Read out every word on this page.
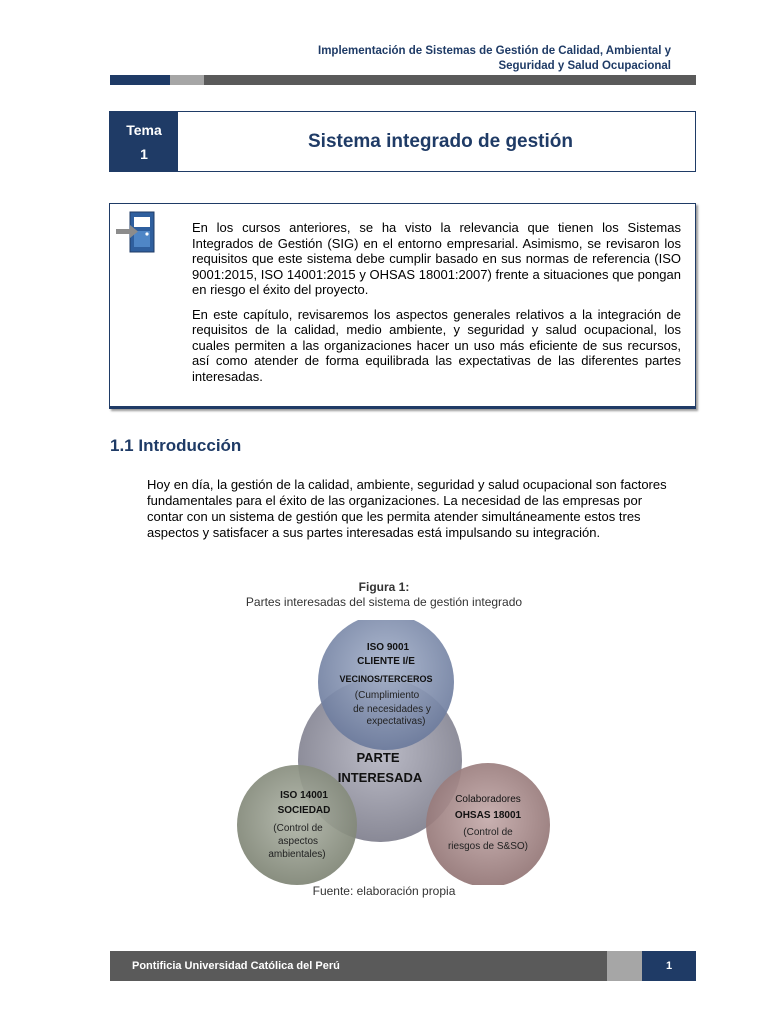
Implementación de Sistemas de Gestión de Calidad, Ambiental y
Seguridad y Salud Ocupacional
Tema
1
Sistema integrado de gestión

En los cursos anteriores, se ha visto la relevancia que tienen los Sistemas Integrados de Gestión (SIG) en el entorno empresarial. Asimismo, se revisaron los requisitos que este sistema debe cumplir basado en sus normas de referencia (ISO 9001:2015, ISO 14001:2015 y OHSAS 18001:2007) frente a situaciones que pongan en riesgo el éxito del proyecto.

En este capítulo, revisaremos los aspectos generales relativos a la integración de requisitos de la calidad, medio ambiente, y seguridad y salud ocupacional, los cuales permiten a las organizaciones hacer un uso más eficiente de sus recursos, así como atender de forma equilibrada las expectativas de las diferentes partes interesadas.

1.1 Introducción
Hoy en día, la gestión de la calidad, ambiente, seguridad y salud ocupacional son factores fundamentales para el éxito de las organizaciones. La necesidad de las empresas por contar con un sistema de gestión que les permita atender simultáneamente estos tres aspectos y satisfacer a sus partes interesadas está impulsando su integración.
Figura 1:
Partes interesadas del sistema de gestión integrado
PARTE
INTERESADA
ISO 9001
CLIENTE I/E
VECINOS/TERCEROS
(Cumplimiento
de necesidades y
expectativas)
ISO 14001
SOCIEDAD
(Control de
aspectos
ambientales)
Colaboradores
OHSAS 18001
(Control de
riesgos de S&SO)
Fuente: elaboración propia
Pontificia Universidad Católica del Perú	1
